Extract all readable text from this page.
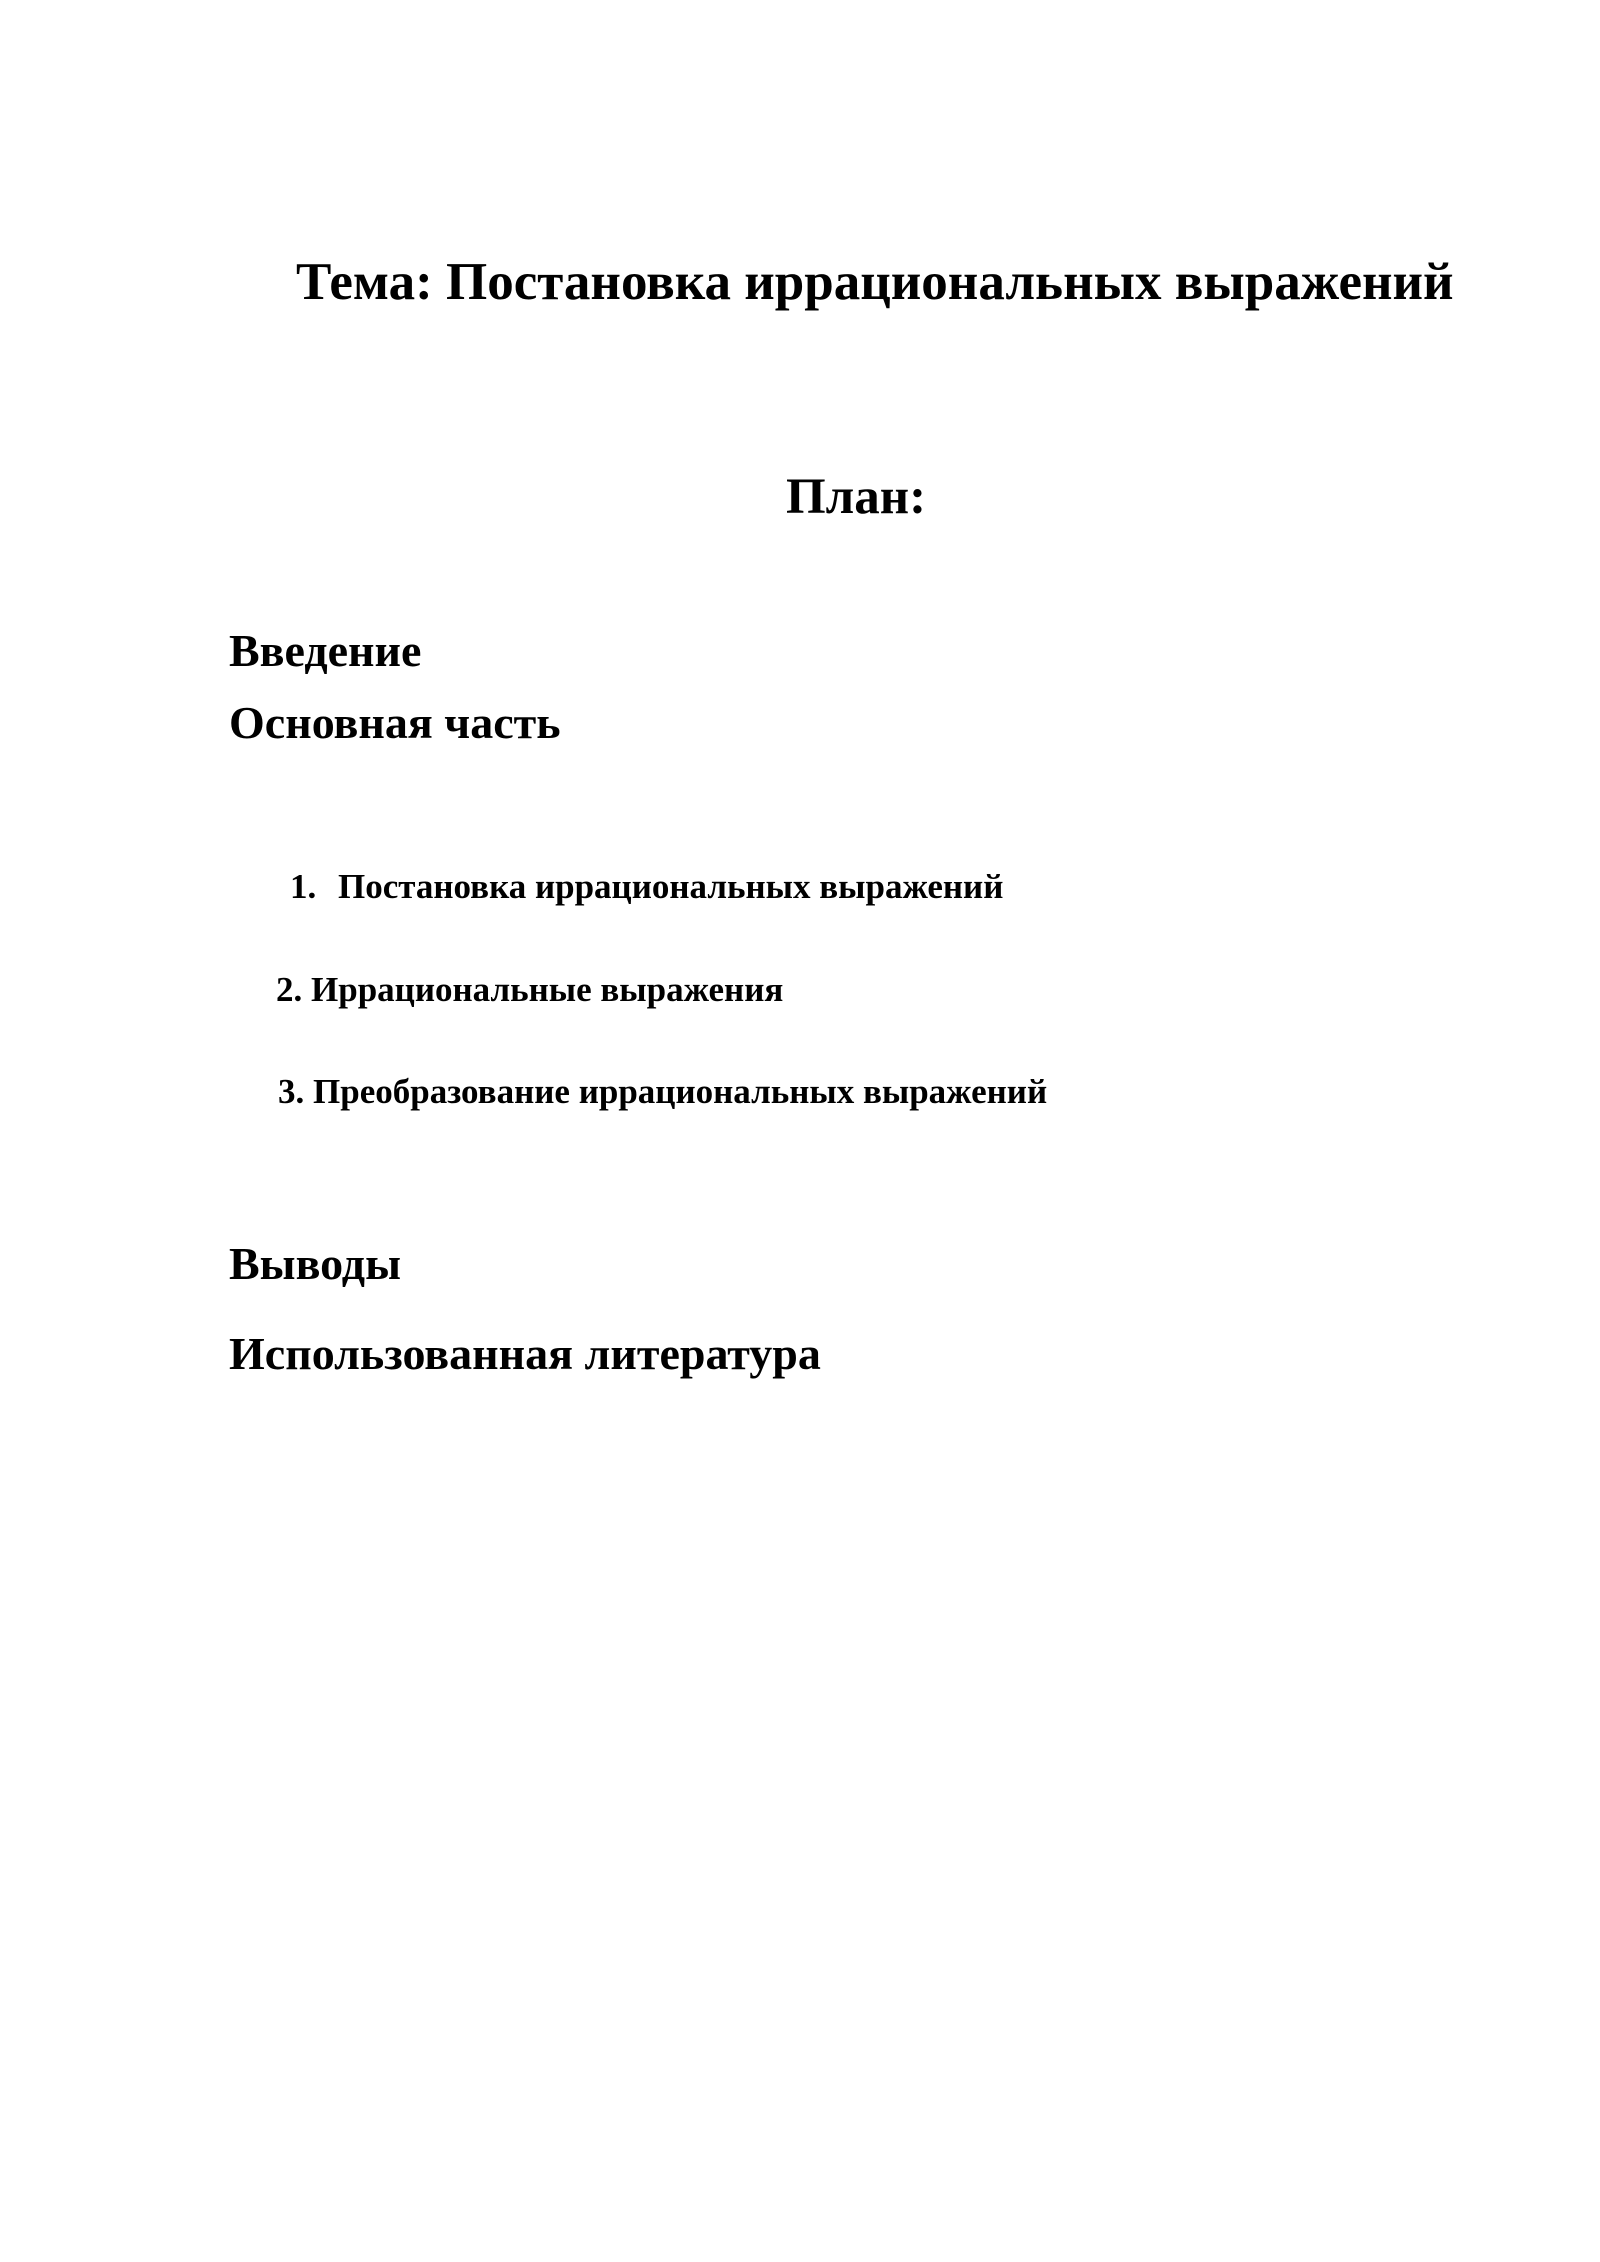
Тема: Постановка иррациональных выражений
План:
Введение
Основная часть
1. Постановка иррациональных выражений
2. Иррациональные выражения
3. Преобразование иррациональных выражений
Выводы
Использованная литература
